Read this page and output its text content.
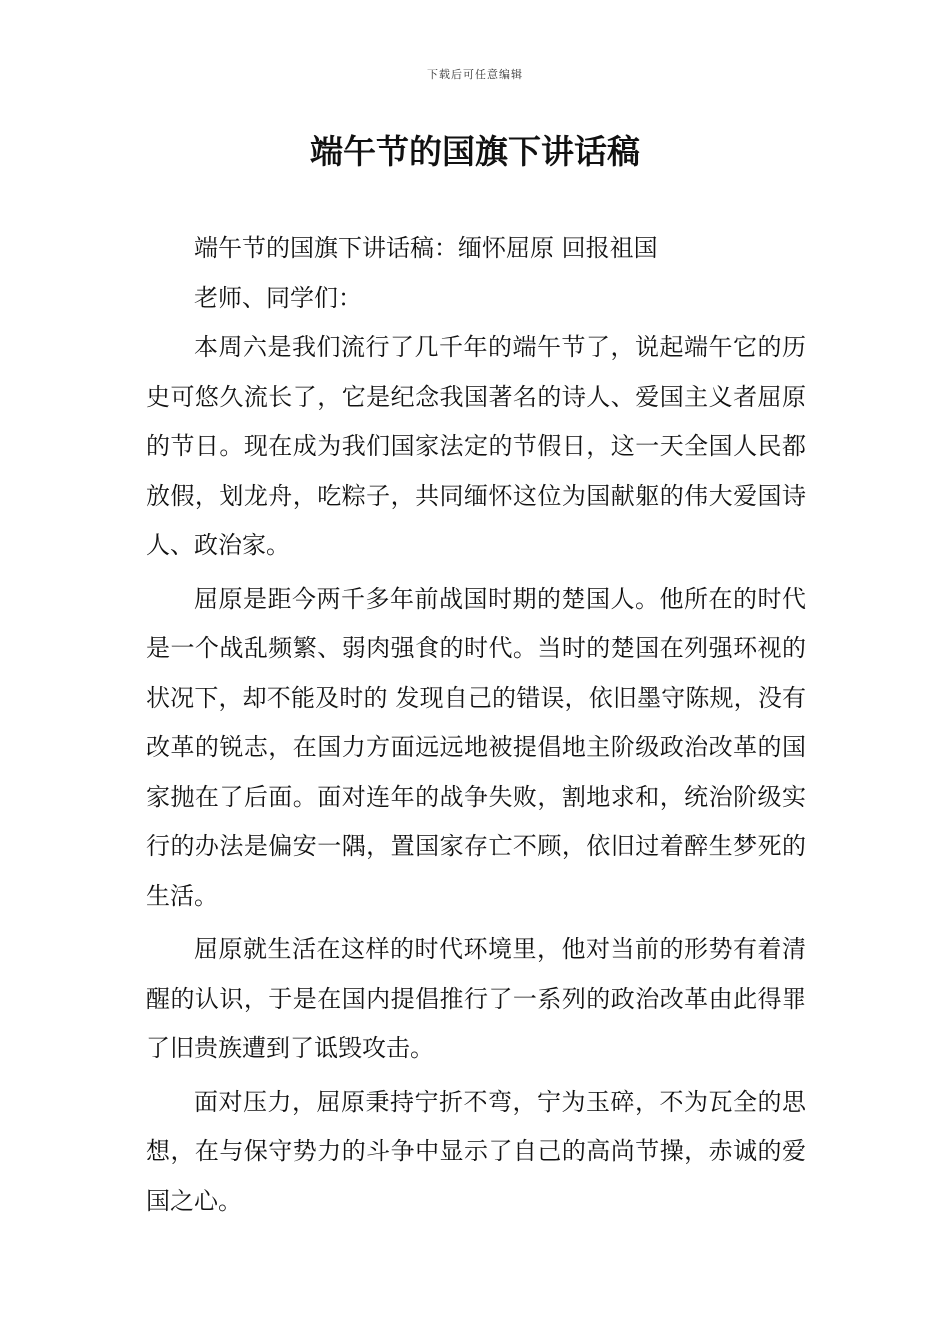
下载后可任意编辑
端午节的国旗下讲话稿

端午节的国旗下讲话稿：缅怀屈原 回报祖国

老师、同学们：

本周六是我们流行了几千年的端午节了，说起端午它的历史可悠久流长了，它是纪念我国著名的诗人、爱国主义者屈原的节日。现在成为我们国家法定的节假日，这一天全国人民都放假，划龙舟，吃粽子，共同缅怀这位为国献躯的伟大爱国诗人、政治家。

屈原是距今两千多年前战国时期的楚国人。他所在的时代是一个战乱频繁、弱肉强食的时代。当时的楚国在列强环视的状况下，却不能及时的 发现自己的错误，依旧墨守陈规，没有改革的锐志，在国力方面远远地被提倡地主阶级政治改革的国家抛在了后面。面对连年的战争失败，割地求和，统治阶级实行的办法是偏安一隅，置国家存亡不顾，依旧过着醉生梦死的生活。

屈原就生活在这样的时代环境里，他对当前的形势有着清醒的认识，于是在国内提倡推行了一系列的政治改革由此得罪了旧贵族遭到了诋毁攻击。

面对压力，屈原秉持宁折不弯，宁为玉碎，不为瓦全的思想，在与保守势力的斗争中显示了自己的高尚节操，赤诚的爱国之心。
